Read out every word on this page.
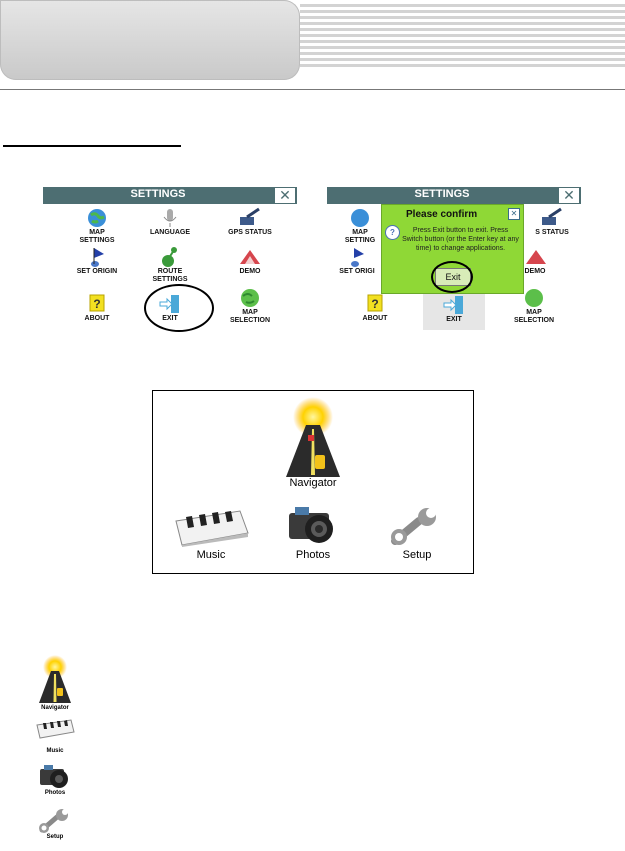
SETTINGS	✕
MAP
SETTINGS
LANGUAGE	GPS STATUS
SET ORIGIN	ROUTE
SETTINGS
DEMO
?
ABOUT	EXIT
MAP
SELECTION
SETTINGS	✕
MAP
SETTING
S STATUS
SET ORIGI	DEMO
?
ABOUT	EXIT
MAP
SELECTION
?
Please confirm	✕
Press Exit button to exit. Press Switch button (or the Enter key at any time) to change applications.
Exit
Navigator
Music	Photos	Setup
Navigator
Music
Photos
Setup
